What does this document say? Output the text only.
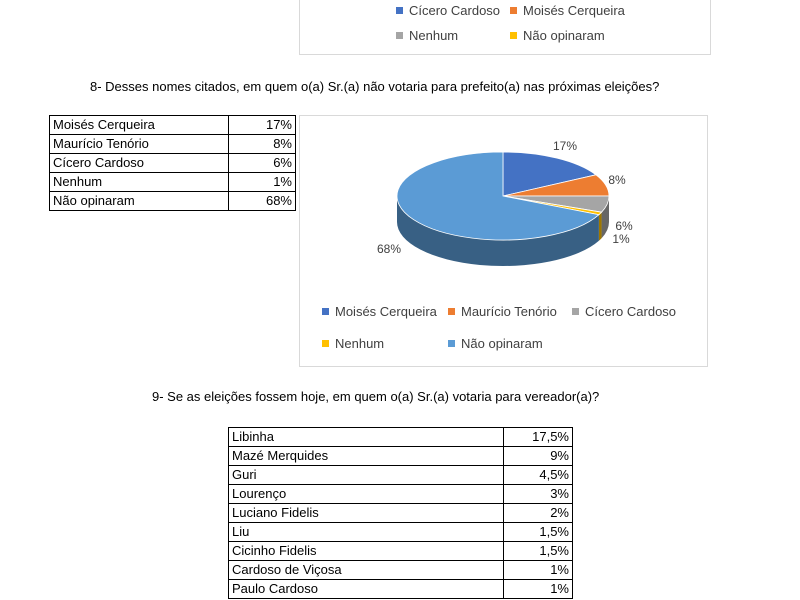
Cícero Cardoso	Moisés Cerqueira
Nenhum	Não opinaram
8- Desses nomes citados, em quem o(a) Sr.(a) não votaria para prefeito(a) nas próximas eleições?
Moisés Cerqueira	17%
Maurício Tenório	8%
Cícero Cardoso	6%
Nenhum	1%
Não opinaram	68%
17%
8%
6%
1%
68%
Moisés Cerqueira	Maurício Tenório	Cícero Cardoso
Nenhum	Não opinaram
9- Se as eleições fossem hoje, em quem o(a) Sr.(a) votaria para vereador(a)?
Libinha	17,5%
Mazé Merquides	9%
Guri	4,5%
Lourenço	3%
Luciano Fidelis	2%
Liu	1,5%
Cicinho Fidelis	1,5%
Cardoso de Viçosa	1%
Paulo Cardoso	1%
